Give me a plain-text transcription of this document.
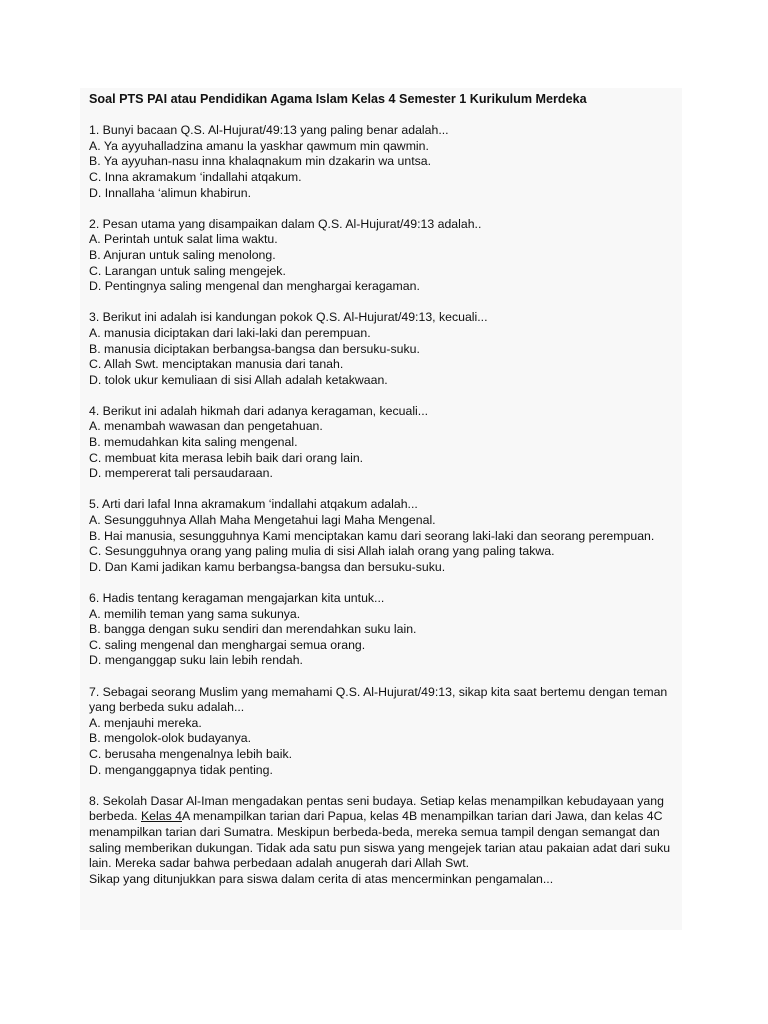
Soal PTS PAI atau Pendidikan Agama Islam Kelas 4 Semester 1 Kurikulum Merdeka
1. Bunyi bacaan Q.S. Al-Hujurat/49:13 yang paling benar adalah...
A. Ya ayyuhalladzina amanu la yaskhar qawmum min qawmin.
B. Ya ayyuhan-nasu inna khalaqnakum min dzakarin wa untsa.
C. Inna akramakum ‘indallahi atqakum.
D. Innallaha ‘alimun khabirun.
2. Pesan utama yang disampaikan dalam Q.S. Al-Hujurat/49:13 adalah..
A. Perintah untuk salat lima waktu.
B. Anjuran untuk saling menolong.
C. Larangan untuk saling mengejek.
D. Pentingnya saling mengenal dan menghargai keragaman.
3. Berikut ini adalah isi kandungan pokok Q.S. Al-Hujurat/49:13, kecuali...
A. manusia diciptakan dari laki-laki dan perempuan.
B. manusia diciptakan berbangsa-bangsa dan bersuku-suku.
C. Allah Swt. menciptakan manusia dari tanah.
D. tolok ukur kemuliaan di sisi Allah adalah ketakwaan.
4. Berikut ini adalah hikmah dari adanya keragaman, kecuali...
A. menambah wawasan dan pengetahuan.
B. memudahkan kita saling mengenal.
C. membuat kita merasa lebih baik dari orang lain.
D. mempererat tali persaudaraan.
5. Arti dari lafal Inna akramakum ‘indallahi atqakum adalah...
A. Sesungguhnya Allah Maha Mengetahui lagi Maha Mengenal.
B. Hai manusia, sesungguhnya Kami menciptakan kamu dari seorang laki-laki dan seorang perempuan.
C. Sesungguhnya orang yang paling mulia di sisi Allah ialah orang yang paling takwa.
D. Dan Kami jadikan kamu berbangsa-bangsa dan bersuku-suku.
6. Hadis tentang keragaman mengajarkan kita untuk...
A. memilih teman yang sama sukunya.
B. bangga dengan suku sendiri dan merendahkan suku lain.
C. saling mengenal dan menghargai semua orang.
D. menganggap suku lain lebih rendah.
7. Sebagai seorang Muslim yang memahami Q.S. Al-Hujurat/49:13, sikap kita saat bertemu dengan teman yang berbeda suku adalah...
A. menjauhi mereka.
B. mengolok-olok budayanya.
C. berusaha mengenalnya lebih baik.
D. menganggapnya tidak penting.
8. Sekolah Dasar Al-Iman mengadakan pentas seni budaya. Setiap kelas menampilkan kebudayaan yang berbeda. Kelas 4A menampilkan tarian dari Papua, kelas 4B menampilkan tarian dari Jawa, dan kelas 4C menampilkan tarian dari Sumatra. Meskipun berbeda-beda, mereka semua tampil dengan semangat dan saling memberikan dukungan. Tidak ada satu pun siswa yang mengejek tarian atau pakaian adat dari suku lain. Mereka sadar bahwa perbedaan adalah anugerah dari Allah Swt.
Sikap yang ditunjukkan para siswa dalam cerita di atas mencerminkan pengamalan...
